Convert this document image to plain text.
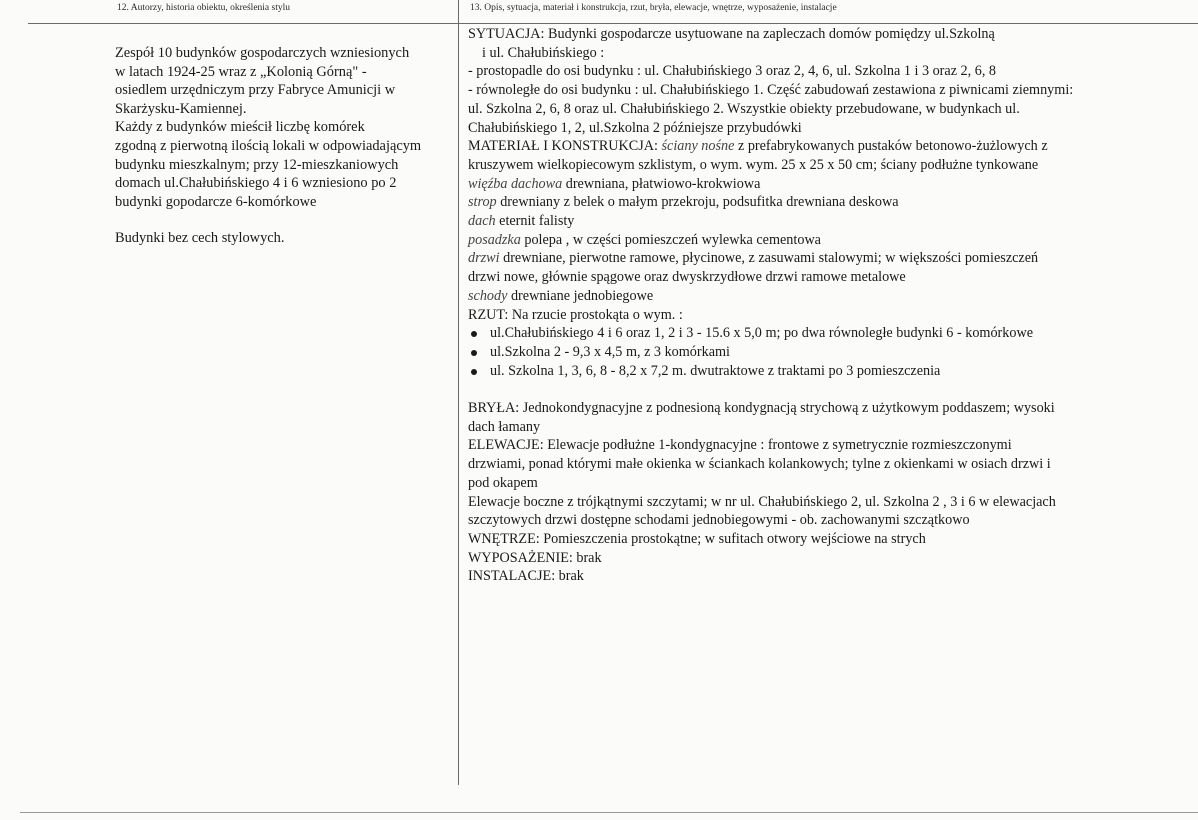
12. Autorzy, historia obiektu, określenia stylu	13. Opis, sytuacja, materiał i konstrukcja, rzut, bryła, elewacje, wnętrze, wyposażenie, instalacje
Zespół 10 budynków gospodarczych wzniesionych
w latach 1924-25 wraz z „Kolonią Górną" -
osiedlem urzędniczym przy Fabryce Amunicji w
Skarżysku-Kamiennej.
Każdy z budynków mieścił liczbę komórek
zgodną z pierwotną ilością lokali w odpowiadającym
budynku mieszkalnym; przy 12-mieszkaniowych
domach ul.Chałubińskiego 4 i 6 wzniesiono po 2
budynki gopodarcze 6-komórkowe
Budynki bez cech stylowych.
SYTUACJA: Budynki gospodarcze usytuowane na zapleczach domów pomiędzy ul.Szkolną
i ul. Chałubińskiego :
- prostopadle do osi budynku : ul. Chałubińskiego 3 oraz 2, 4, 6, ul. Szkolna 1 i 3 oraz 2, 6, 8
- równoległe do osi budynku : ul. Chałubińskiego 1. Część zabudowań zestawiona z piwnicami ziemnymi:
ul. Szkolna 2, 6, 8 oraz ul. Chałubińskiego 2. Wszystkie obiekty przebudowane, w budynkach ul.
Chałubińskiego 1, 2, ul.Szkolna 2 późniejsze przybudówki
MATERIAŁ I KONSTRUKCJA: ściany nośne z prefabrykowanych pustaków betonowo-żużlowych z
kruszywem wielkopiecowym szklistym, o wym. wym. 25 x 25 x 50 cm; ściany podłużne tynkowane
więźba dachowa drewniana, płatwiowo-krokwiowa
strop drewniany z belek o małym przekroju, podsufitka drewniana deskowa
dach eternit falisty
posadzka polepa , w części pomieszczeń wylewka cementowa
drzwi drewniane, pierwotne ramowe, płycinowe, z zasuwami stalowymi; w większości pomieszczeń
drzwi nowe, głównie spągowe oraz dwyskrzydłowe drzwi ramowe metalowe
schody drewniane jednobiegowe
RZUT: Na rzucie prostokąta o wym. :
ul.Chałubińskiego 4 i 6 oraz 1, 2 i 3 - 15.6 x 5,0 m; po dwa równoległe budynki 6 - komórkowe
ul.Szkolna 2 - 9,3 x 4,5 m, z 3 komórkami
ul. Szkolna 1, 3, 6, 8 - 8,2 x 7,2 m. dwutraktowe z traktami po 3 pomieszczenia
BRYŁA: Jednokondygnacyjne z podnesioną kondygnacją strychową z użytkowym poddaszem; wysoki
dach łamany
ELEWACJE: Elewacje podłużne 1-kondygnacyjne : frontowe z symetrycznie rozmieszczonymi
drzwiami, ponad którymi małe okienka w ściankach kolankowych; tylne z okienkami w osiach drzwi i
pod okapem
Elewacje boczne z trójkątnymi szczytami; w nr ul. Chałubińskiego 2, ul. Szkolna 2 , 3 i 6 w elewacjach
szczytowych drzwi dostępne schodami jednobiegowymi - ob. zachowanymi szczątkowo
WNĘTRZE: Pomieszczenia prostokątne; w sufitach otwory wejściowe na strych
WYPOSAŻENIE: brak
INSTALACJE: brak
